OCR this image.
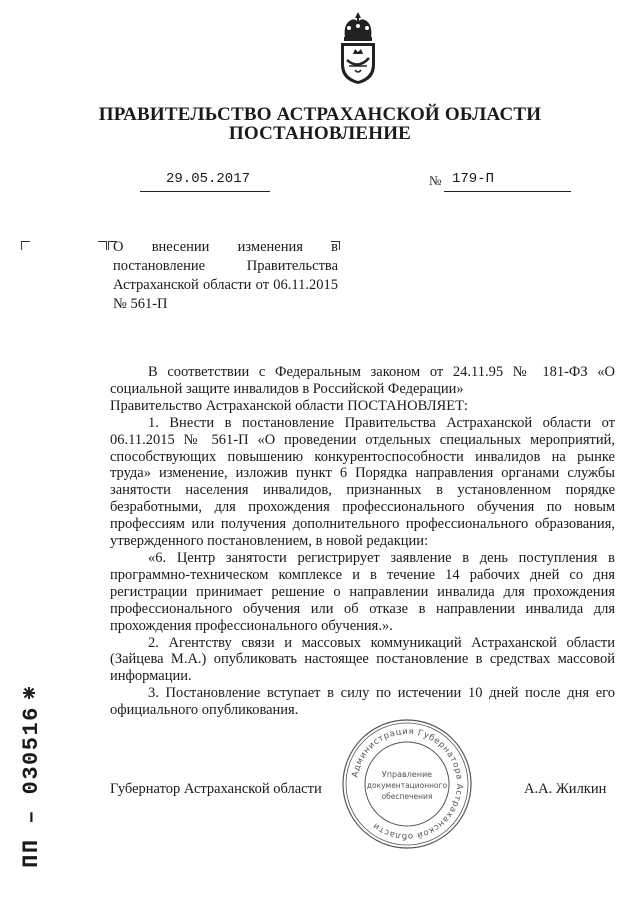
ПРАВИТЕЛЬСТВО АСТРАХАНСКОЙ ОБЛАСТИ
ПОСТАНОВЛЕНИЕ
29.05.2017	№ 179-П
О внесении изменения в постановление Правительства Астраханской области от 06.11.2015 № 561-П

В соответствии с Федеральным законом от 24.11.95 № 181-ФЗ «О социальной защите инвалидов в Российской Федерации»

Правительство Астраханской области ПОСТАНОВЛЯЕТ:

1. Внести в постановление Правительства Астраханской области от 06.11.2015 № 561-П «О проведении отдельных специальных мероприятий, способствующих повышению конкурентоспособности инвалидов на рынке труда» изменение, изложив пункт 6 Порядка направления органами службы занятости населения инвалидов, признанных в установленном порядке безработными, для прохождения профессионального обучения по новым профессиям или получения дополнительного профессионального образования, утвержденного постановлением, в новой редакции:

«6. Центр занятости регистрирует заявление в день поступления в программно-техническом комплексе и в течение 14 рабочих дней со дня регистрации принимает решение о направлении инвалида для прохождения профессионального обучения или об отказе в направлении инвалида для прохождения профессионального обучения.».

2. Агентству связи и массовых коммуникаций Астраханской области (Зайцева М.А.) опубликовать настоящее постановление в средствах массовой информации.

3. Постановление вступает в силу по истечении 10 дней после дня его официального опубликования.

Губернатор Астраханской области	А.А. Жилкин
Администрация Губернатора Астраханской области
Управление
документационного
обеспечения
ПП – 030516
